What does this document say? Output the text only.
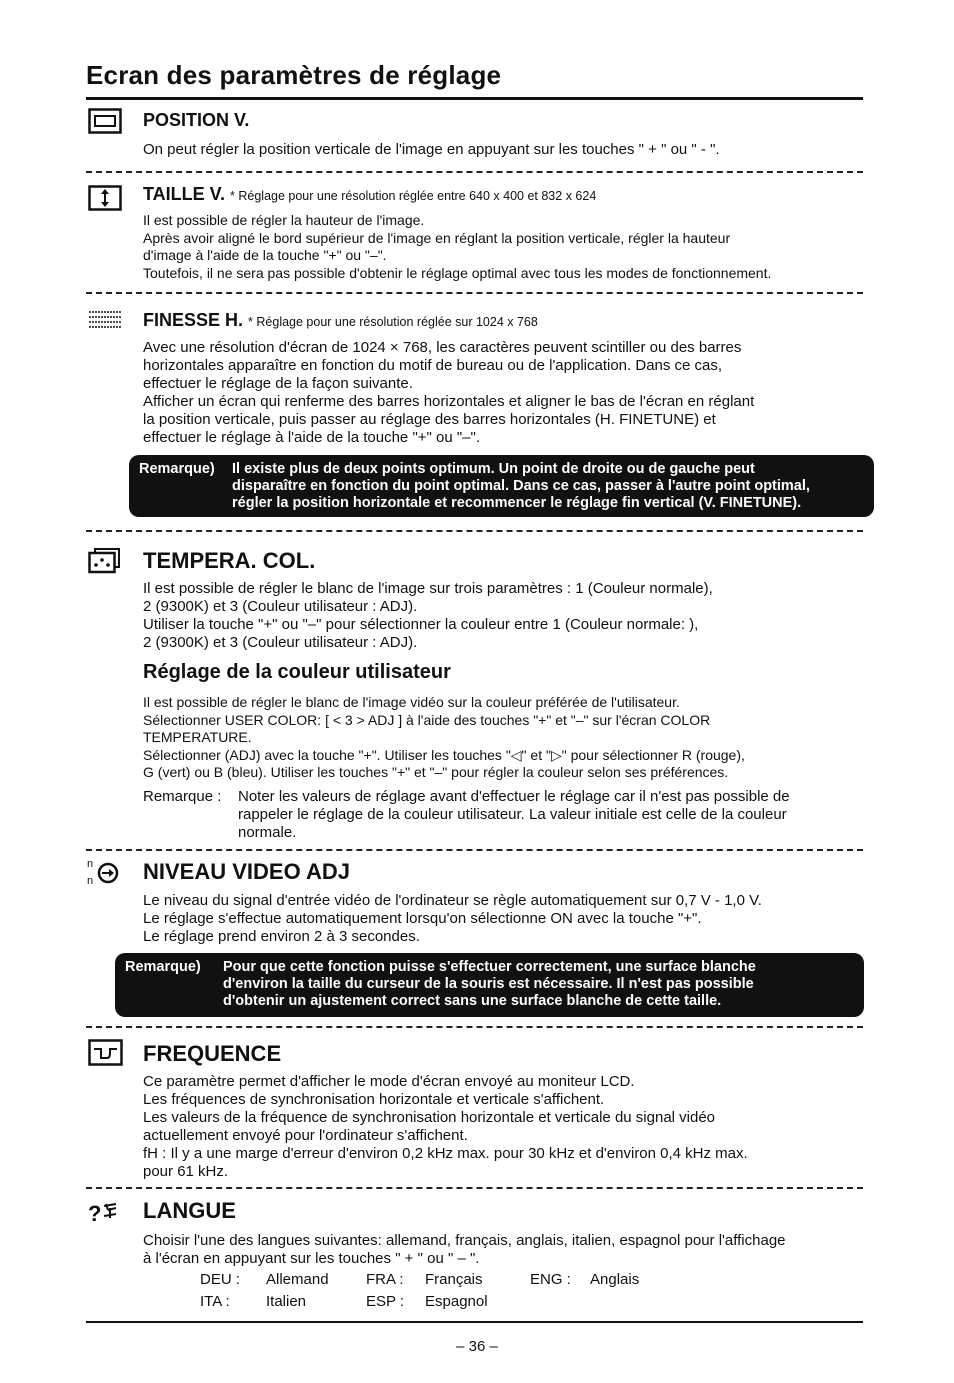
Ecran des paramètres de réglage
POSITION V.
On peut régler la position verticale de l'image en appuyant sur les touches " + " ou " - ".
TAILLE V. * Réglage pour une résolution réglée entre 640 x 400 et 832 x 624
Il est possible de régler la hauteur de l'image.
Après avoir aligné le bord supérieur de l'image en réglant la position verticale, régler la hauteur
d'image à l'aide de la touche "+" ou "–".
Toutefois, il ne sera pas possible d'obtenir le réglage optimal avec tous les modes de fonctionnement.
FINESSE H. * Réglage pour une résolution réglée sur 1024 x 768
Avec une résolution d'écran de 1024 × 768, les caractères peuvent scintiller ou des barres
horizontales apparaître en fonction du motif de bureau ou de l'application. Dans ce cas,
effectuer le réglage de la façon suivante.
Afficher un écran qui renferme des barres horizontales et aligner le bas de l'écran en réglant
la position verticale, puis passer au réglage des barres horizontales (H. FINETUNE) et
effectuer le réglage à l'aide de la touche "+" ou "–".
Remarque) Il existe plus de deux points optimum. Un point de droite ou de gauche peut
disparaître en fonction du point optimal. Dans ce cas, passer à l'autre point optimal,
régler la position horizontale et recommencer le réglage fin vertical (V. FINETUNE).
TEMPERA. COL.
Il est possible de régler le blanc de l'image sur trois paramètres : 1 (Couleur normale),
2 (9300K) et 3 (Couleur utilisateur : ADJ).
Utiliser la touche "+" ou "–" pour sélectionner la couleur entre 1 (Couleur normale: ),
2 (9300K) et 3 (Couleur utilisateur : ADJ).
Réglage de la couleur utilisateur
Il est possible de régler le blanc de l'image vidéo sur la couleur préférée de l'utilisateur.
Sélectionner USER COLOR: [ < 3 > ADJ ] à l'aide des touches "+" et "–" sur l'écran COLOR
TEMPERATURE.
Sélectionner (ADJ) avec la touche "+". Utiliser les touches "◁" et "▷" pour sélectionner R (rouge),
G (vert) ou B (bleu). Utiliser les touches "+" et "–" pour régler la couleur selon ses préférences.
Remarque : Noter les valeurs de réglage avant d'effectuer le réglage car il n'est pas possible de
rappeler le réglage de la couleur utilisateur. La valeur initiale est celle de la couleur
normale.
n
n NIVEAU VIDEO ADJ
Le niveau du signal d'entrée vidéo de l'ordinateur se règle automatiquement sur 0,7 V - 1,0 V.
Le réglage s'effectue automatiquement lorsqu'on sélectionne ON avec la touche "+".
Le réglage prend environ 2 à 3 secondes.
Remarque) Pour que cette fonction puisse s'effectuer correctement, une surface blanche
d'environ la taille du curseur de la souris est nécessaire. Il n'est pas possible
d'obtenir un ajustement correct sans une surface blanche de cette taille.
FREQUENCE
Ce paramètre permet d'afficher le mode d'écran envoyé au moniteur LCD.
Les fréquences de synchronisation horizontale et verticale s'affichent.
Les valeurs de la fréquence de synchronisation horizontale et verticale du signal vidéo
actuellement envoyé pour l'ordinateur s'affichent.
fH : Il y a une marge d'erreur d'environ 0,2 kHz max. pour 30 kHz et d'environ 0,4 kHz max.
pour 61 kHz.
? LANGUE
Choisir l'une des langues suivantes: allemand, français, anglais, italien, espagnol pour l'affichage
à l'écran en appuyant sur les touches " + " ou " – ".
DEU : Allemand FRA : Français	ENG : Anglais
ITA : Italien	ESP : Espagnol
– 36 –
